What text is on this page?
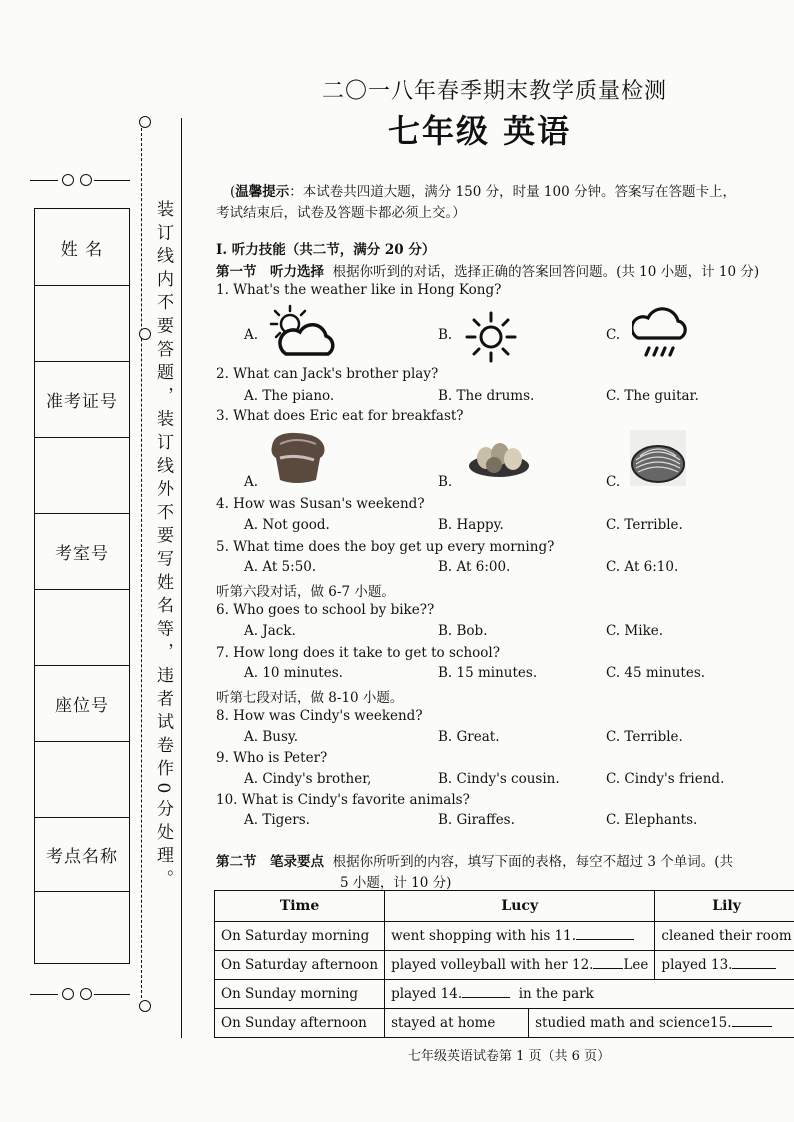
姓 名
准考证号
考室号
座位号
考点名称	装订线内不要答题，装订线外不要写姓名等，违者试卷作0分处理。
二〇一八年春季期末教学质量检测
七年级 英语
(温馨提示：本试卷共四道大题，满分 150 分，时量 100 分钟。答案写在答题卡上，
考试结束后，试卷及答题卡都必须上交。）
I. 听力技能（共二节，满分 20 分）
第一节　听力选择 根据你听到的对话，选择正确的答案回答问题。(共 10 小题，计 10 分)
1. What's the weather like in Hong Kong?
A.	B.	C.
2. What can Jack's brother play?
A. The piano.	B. The drums.	C. The guitar.
3. What does Eric eat for breakfast?
A.	B.	C.
4. How was Susan's weekend?
A. Not good.	B. Happy.	C. Terrible.
5. What time does the boy get up every morning?
A. At 5:50.	B. At 6:00.	C. At 6:10.
听第六段对话，做 6-7 小题。
6. Who goes to school by bike??
A. Jack.	B. Bob.	C. Mike.
7. How long does it take to get to school?
A. 10 minutes.	B. 15 minutes.	C. 45 minutes.
听第七段对话，做 8-10 小题。
8. How was Cindy's weekend?
A. Busy.	B. Great.	C. Terrible.
9. Who is Peter?
A. Cindy's brother,	B. Cindy's cousin.	C. Cindy's friend.
10. What is Cindy's favorite animals?
A. Tigers.	B. Giraffes.	C. Elephants.
第二节　笔录要点 根据你所听到的内容，填写下面的表格，每空不超过 3 个单词。(共
5 小题，计 10 分)
Time	Lucy		Lily
On Saturday morning	went shopping with his 11.		cleaned their room
On Saturday afternoon	played volleyball with her 12. Lee		played 13.
On Sunday morning	played 14. in the park		
On Sunday afternoon	stayed at home	studied math and science15.	
七年级英语试卷第 1 页（共 6 页）
